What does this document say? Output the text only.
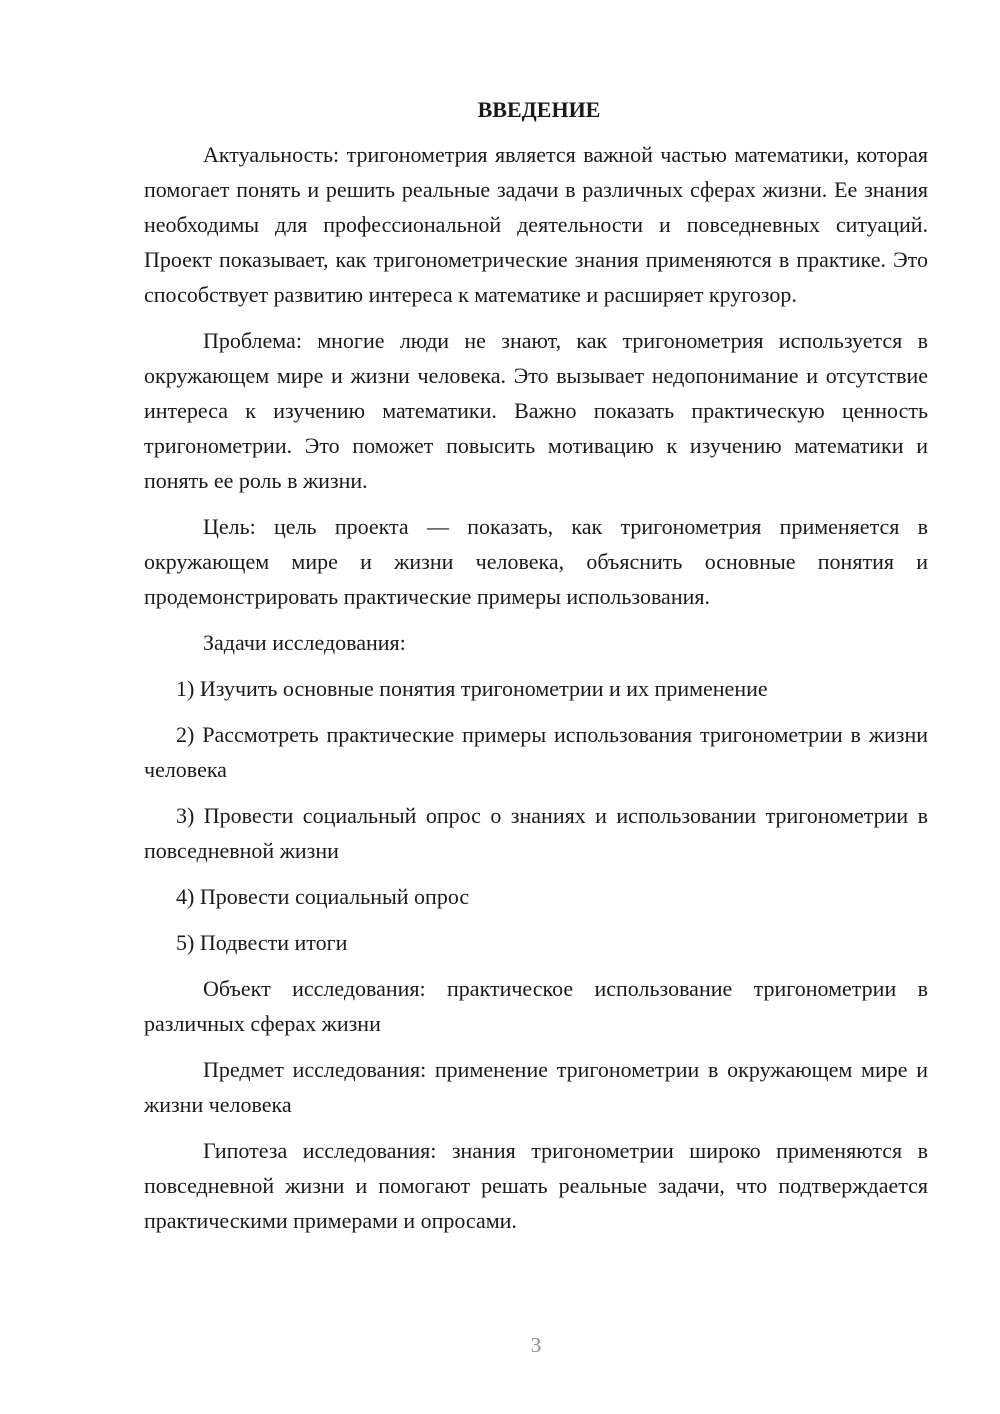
ВВЕДЕНИЕ

Актуальность: тригонометрия является важной частью математики, которая помогает понять и решить реальные задачи в различных сферах жизни. Ее знания необходимы для профессиональной деятельности и повседневных ситуаций. Проект показывает, как тригонометрические знания применяются в практике. Это способствует развитию интереса к математике и расширяет кругозор.

Проблема: многие люди не знают, как тригонометрия используется в окружающем мире и жизни человека. Это вызывает недопонимание и отсутствие интереса к изучению математики. Важно показать практическую ценность тригонометрии. Это поможет повысить мотивацию к изучению математики и понять ее роль в жизни.

Цель: цель проекта — показать, как тригонометрия применяется в окружающем мире и жизни человека, объяснить основные понятия и продемонстрировать практические примеры использования.

Задачи исследования:

1) Изучить основные понятия тригонометрии и их применение

2) Рассмотреть практические примеры использования тригонометрии в жизни человека

3) Провести социальный опрос о знаниях и использовании тригонометрии в повседневной жизни

4) Провести социальный опрос

5) Подвести итоги

Объект исследования: практическое использование тригонометрии в различных сферах жизни

Предмет исследования: применение тригонометрии в окружающем мире и жизни человека

Гипотеза исследования: знания тригонометрии широко применяются в повседневной жизни и помогают решать реальные задачи, что подтверждается практическими примерами и опросами.

3
